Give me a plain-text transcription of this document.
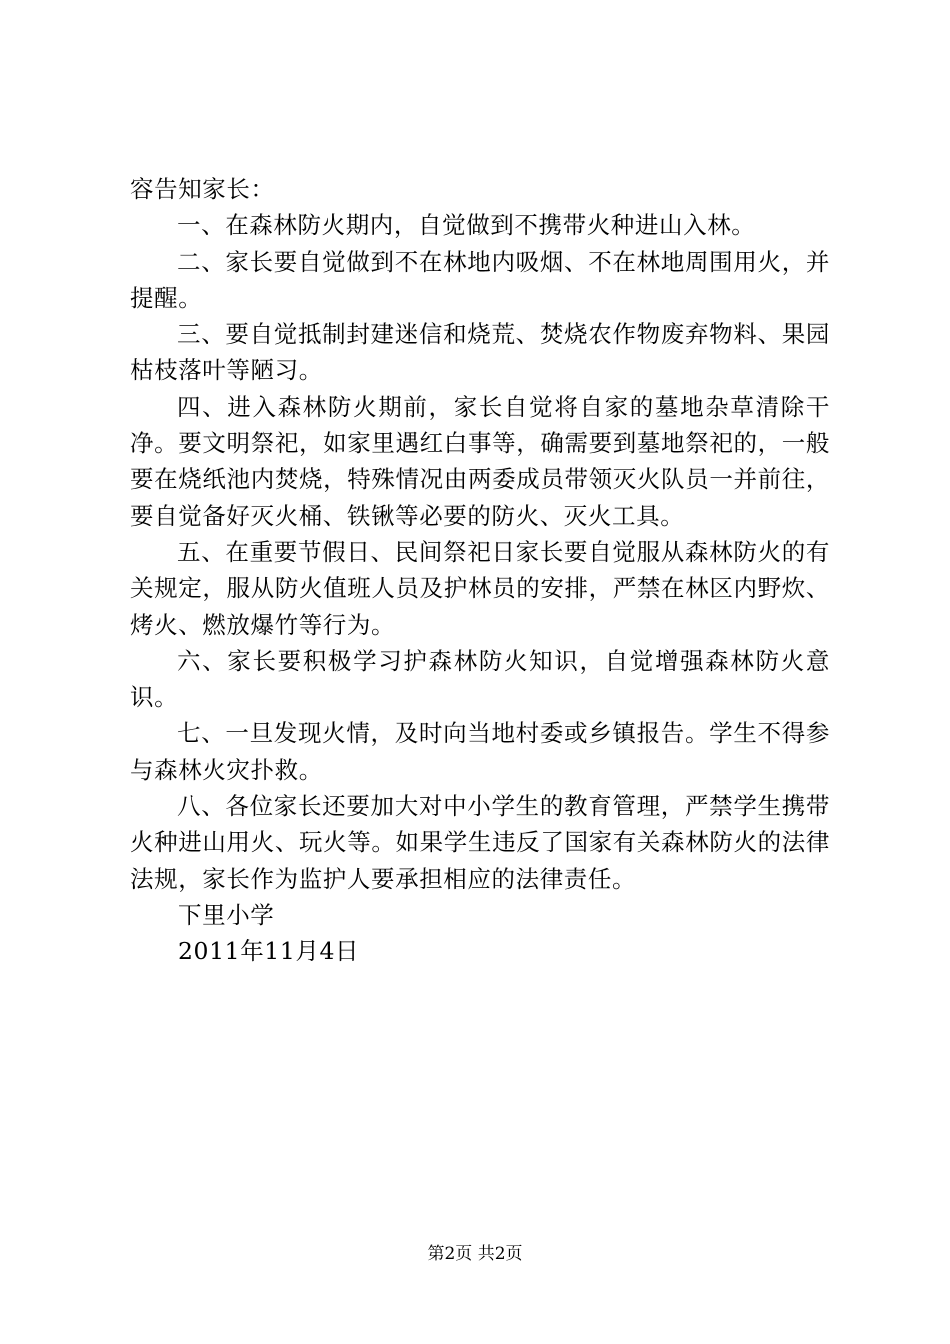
容告知家长：

一、在森林防火期内，自觉做到不携带火种进山入林。

二、家长要自觉做到不在林地内吸烟、不在林地周围用火，并提醒。

三、要自觉抵制封建迷信和烧荒、焚烧农作物废弃物料、果园枯枝落叶等陋习。

四、进入森林防火期前，家长自觉将自家的墓地杂草清除干净。要文明祭祀，如家里遇红白事等，确需要到墓地祭祀的，一般要在烧纸池内焚烧，特殊情况由两委成员带领灭火队员一并前往，要自觉备好灭火桶、铁锹等必要的防火、灭火工具。

五、在重要节假日、民间祭祀日家长要自觉服从森林防火的有关规定，服从防火值班人员及护林员的安排，严禁在林区内野炊、烤火、燃放爆竹等行为。

六、家长要积极学习护森林防火知识，自觉增强森林防火意识。

七、一旦发现火情，及时向当地村委或乡镇报告。学生不得参与森林火灾扑救。

八、各位家长还要加大对中小学生的教育管理，严禁学生携带火种进山用火、玩火等。如果学生违反了国家有关森林防火的法律法规，家长作为监护人要承担相应的法律责任。

下里小学

2011年11月4日

第2页 共2页
